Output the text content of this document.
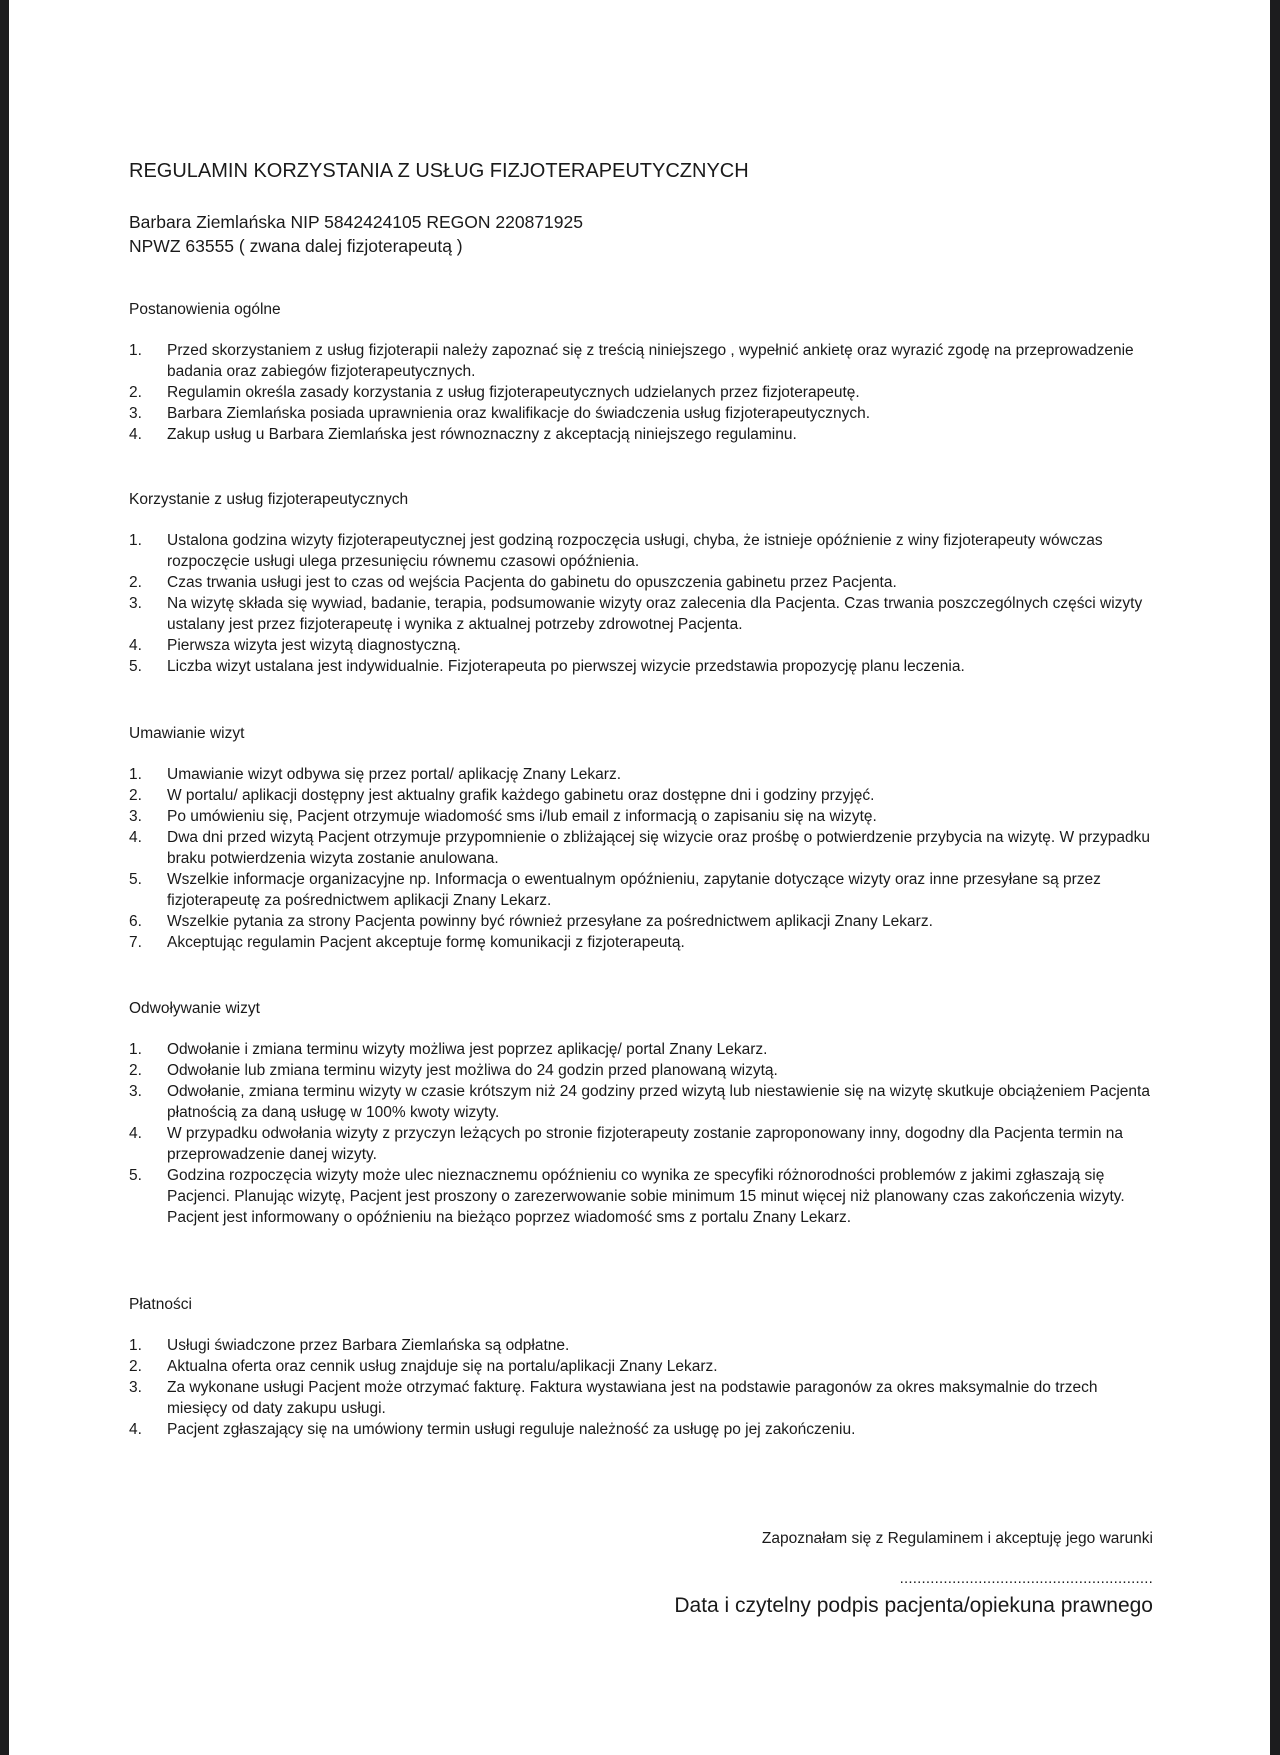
REGULAMIN KORZYSTANIA Z USŁUG FIZJOTERAPEUTYCZNYCH
Barbara Ziemlańska NIP 5842424105 REGON 220871925
NPWZ 63555 ( zwana dalej fizjoterapeutą )
Postanowienia ogólne
1.	Przed skorzystaniem z usług fizjoterapii należy zapoznać się z treścią niniejszego , wypełnić ankietę oraz wyrazić zgodę na przeprowadzenie badania oraz zabiegów fizjoterapeutycznych.
2.	Regulamin określa zasady korzystania z usług fizjoterapeutycznych udzielanych przez fizjoterapeutę.
3.	Barbara Ziemlańska posiada uprawnienia oraz kwalifikacje do świadczenia usług fizjoterapeutycznych.
4.	Zakup usług u Barbara Ziemlańska jest równoznaczny z akceptacją niniejszego regulaminu.
Korzystanie z usług fizjoterapeutycznych
1.	Ustalona godzina wizyty fizjoterapeutycznej jest godziną rozpoczęcia usługi, chyba, że istnieje opóźnienie z winy fizjoterapeuty wówczas rozpoczęcie usługi ulega przesunięciu równemu czasowi opóźnienia.
2.	Czas trwania usługi jest to czas od wejścia Pacjenta do gabinetu do opuszczenia gabinetu przez Pacjenta.
3.	Na wizytę składa się wywiad, badanie, terapia, podsumowanie wizyty oraz zalecenia dla Pacjenta. Czas trwania poszczególnych części wizyty ustalany jest przez fizjoterapeutę i wynika z aktualnej potrzeby zdrowotnej Pacjenta.
4.	Pierwsza wizyta jest wizytą diagnostyczną.
5.	Liczba wizyt ustalana jest indywidualnie. Fizjoterapeuta po pierwszej wizycie przedstawia propozycję planu leczenia.
Umawianie wizyt
1.	Umawianie wizyt odbywa się przez portal/ aplikację Znany Lekarz.
2.	W portalu/ aplikacji dostępny jest aktualny grafik każdego gabinetu oraz dostępne dni i godziny przyjęć.
3.	Po umówieniu się, Pacjent otrzymuje wiadomość sms i/lub email z informacją o zapisaniu się na wizytę.
4.	Dwa dni przed wizytą Pacjent otrzymuje przypomnienie o zbliżającej się wizycie oraz prośbę o potwierdzenie przybycia na wizytę. W przypadku braku potwierdzenia wizyta zostanie anulowana.
5.	Wszelkie informacje organizacyjne np. Informacja o ewentualnym opóźnieniu, zapytanie dotyczące wizyty oraz inne przesyłane są przez fizjoterapeutę za pośrednictwem aplikacji Znany Lekarz.
6.	Wszelkie pytania za strony Pacjenta powinny być również przesyłane za pośrednictwem aplikacji Znany Lekarz.
7.	Akceptując regulamin Pacjent akceptuje formę komunikacji z fizjoterapeutą.
Odwoływanie wizyt
1.	Odwołanie i zmiana terminu wizyty możliwa jest poprzez aplikację/ portal Znany Lekarz.
2.	Odwołanie lub zmiana terminu wizyty jest możliwa do 24 godzin przed planowaną wizytą.
3.	Odwołanie, zmiana terminu wizyty w czasie krótszym niż 24 godziny przed wizytą lub niestawienie się na wizytę skutkuje obciążeniem Pacjenta płatnością za daną usługę w 100% kwoty wizyty.
4.	W przypadku odwołania wizyty z przyczyn leżących po stronie fizjoterapeuty zostanie zaproponowany inny, dogodny dla Pacjenta termin na przeprowadzenie danej wizyty.
5.	Godzina rozpoczęcia wizyty może ulec nieznacznemu opóźnieniu co wynika ze specyfiki różnorodności problemów z jakimi zgłaszają się Pacjenci. Planując wizytę, Pacjent jest proszony o zarezerwowanie sobie minimum 15 minut więcej niż planowany czas zakończenia wizyty. Pacjent jest informowany o opóźnieniu na bieżąco poprzez wiadomość sms z portalu Znany Lekarz.
Płatności
1.	Usługi świadczone przez Barbara Ziemlańska są odpłatne.
2.	Aktualna oferta oraz cennik usług znajduje się na portalu/aplikacji Znany Lekarz.
3.	Za wykonane usługi Pacjent może otrzymać fakturę. Faktura wystawiana jest na podstawie paragonów za okres maksymalnie do trzech miesięcy od daty zakupu usługi.
4.	Pacjent zgłaszający się na umówiony termin usługi reguluje należność za usługę po jej zakończeniu.
Zapoznałam się z Regulaminem i akceptuję jego warunki
..........................................................
Data i czytelny podpis pacjenta/opiekuna prawnego
